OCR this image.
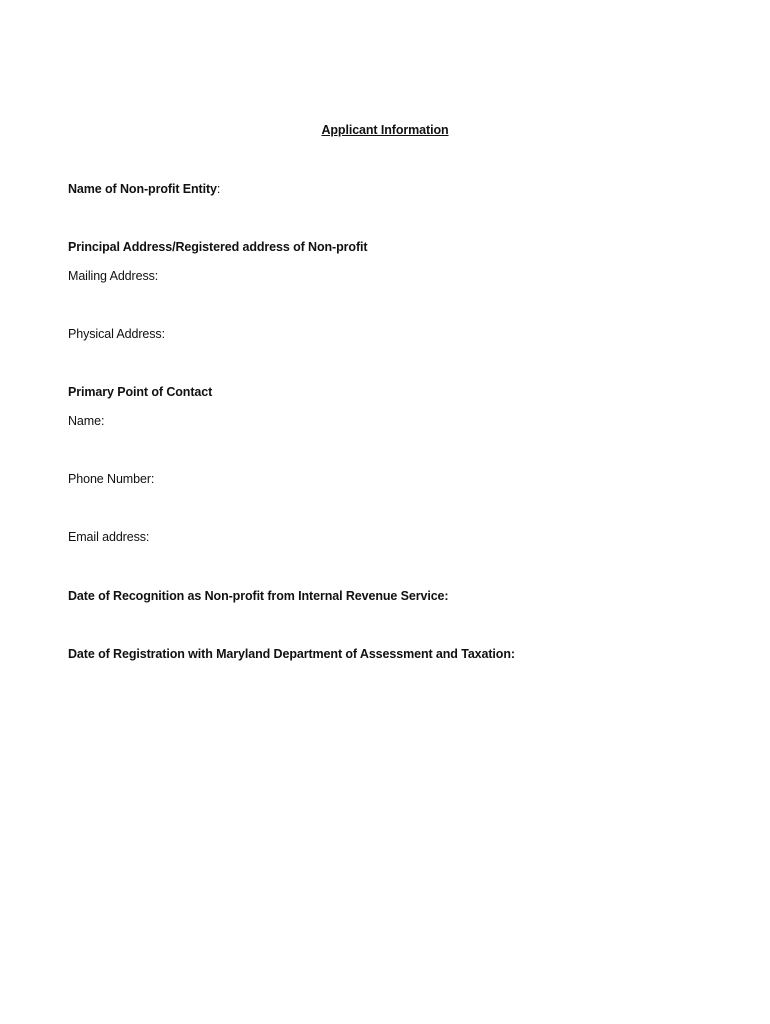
Applicant Information
Name of Non-profit Entity:
Principal Address/Registered address of Non-profit
Mailing Address:
Physical Address:
Primary Point of Contact
Name:
Phone Number:
Email address:
Date of Recognition as Non-profit from Internal Revenue Service:
Date of Registration with Maryland Department of Assessment and Taxation:
